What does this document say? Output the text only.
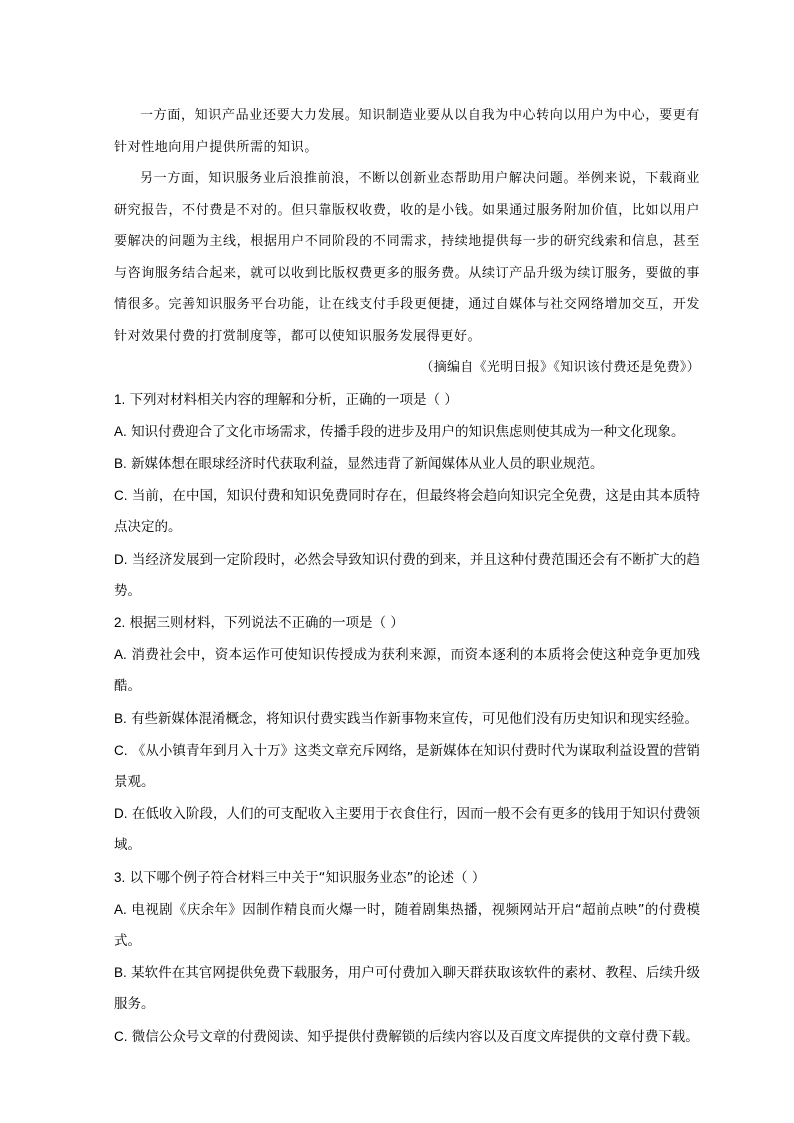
一方面，知识产品业还要大力发展。知识制造业要从以自我为中心转向以用户为中心，要更有针对性地向用户提供所需的知识。

另一方面，知识服务业后浪推前浪，不断以创新业态帮助用户解决问题。举例来说，下载商业研究报告，不付费是不对的。但只靠版权收费，收的是小钱。如果通过服务附加价值，比如以用户要解决的问题为主线，根据用户不同阶段的不同需求，持续地提供每一步的研究线索和信息，甚至与咨询服务结合起来，就可以收到比版权费更多的服务费。从续订产品升级为续订服务，要做的事情很多。完善知识服务平台功能，让在线支付手段更便捷，通过自媒体与社交网络增加交互，开发针对效果付费的打赏制度等，都可以使知识服务发展得更好。

（摘编自《光明日报》《知识该付费还是免费》）

1. 下列对材料相关内容的理解和分析，正确的一项是（ ）

A. 知识付费迎合了文化市场需求，传播手段的进步及用户的知识焦虑则使其成为一种文化现象。

B. 新媒体想在眼球经济时代获取利益，显然违背了新闻媒体从业人员的职业规范。

C. 当前，在中国，知识付费和知识免费同时存在，但最终将会趋向知识完全免费，这是由其本质特点决定的。

D. 当经济发展到一定阶段时，必然会导致知识付费的到来，并且这种付费范围还会有不断扩大的趋势。

2. 根据三则材料，下列说法不正确的一项是（ ）

A. 消费社会中，资本运作可使知识传授成为获利来源，而资本逐利的本质将会使这种竞争更加残酷。

B. 有些新媒体混淆概念，将知识付费实践当作新事物来宣传，可见他们没有历史知识和现实经验。

C. 《从小镇青年到月入十万》这类文章充斥网络，是新媒体在知识付费时代为谋取利益设置的营销景观。

D. 在低收入阶段，人们的可支配收入主要用于衣食住行，因而一般不会有更多的钱用于知识付费领域。

3. 以下哪个例子符合材料三中关于“知识服务业态”的论述（ ）

A. 电视剧《庆余年》因制作精良而火爆一时，随着剧集热播，视频网站开启“超前点映”的付费模式。

B. 某软件在其官网提供免费下载服务，用户可付费加入聊天群获取该软件的素材、教程、后续升级服务。

C. 微信公众号文章的付费阅读、知乎提供付费解锁的后续内容以及百度文库提供的文章付费下载。
